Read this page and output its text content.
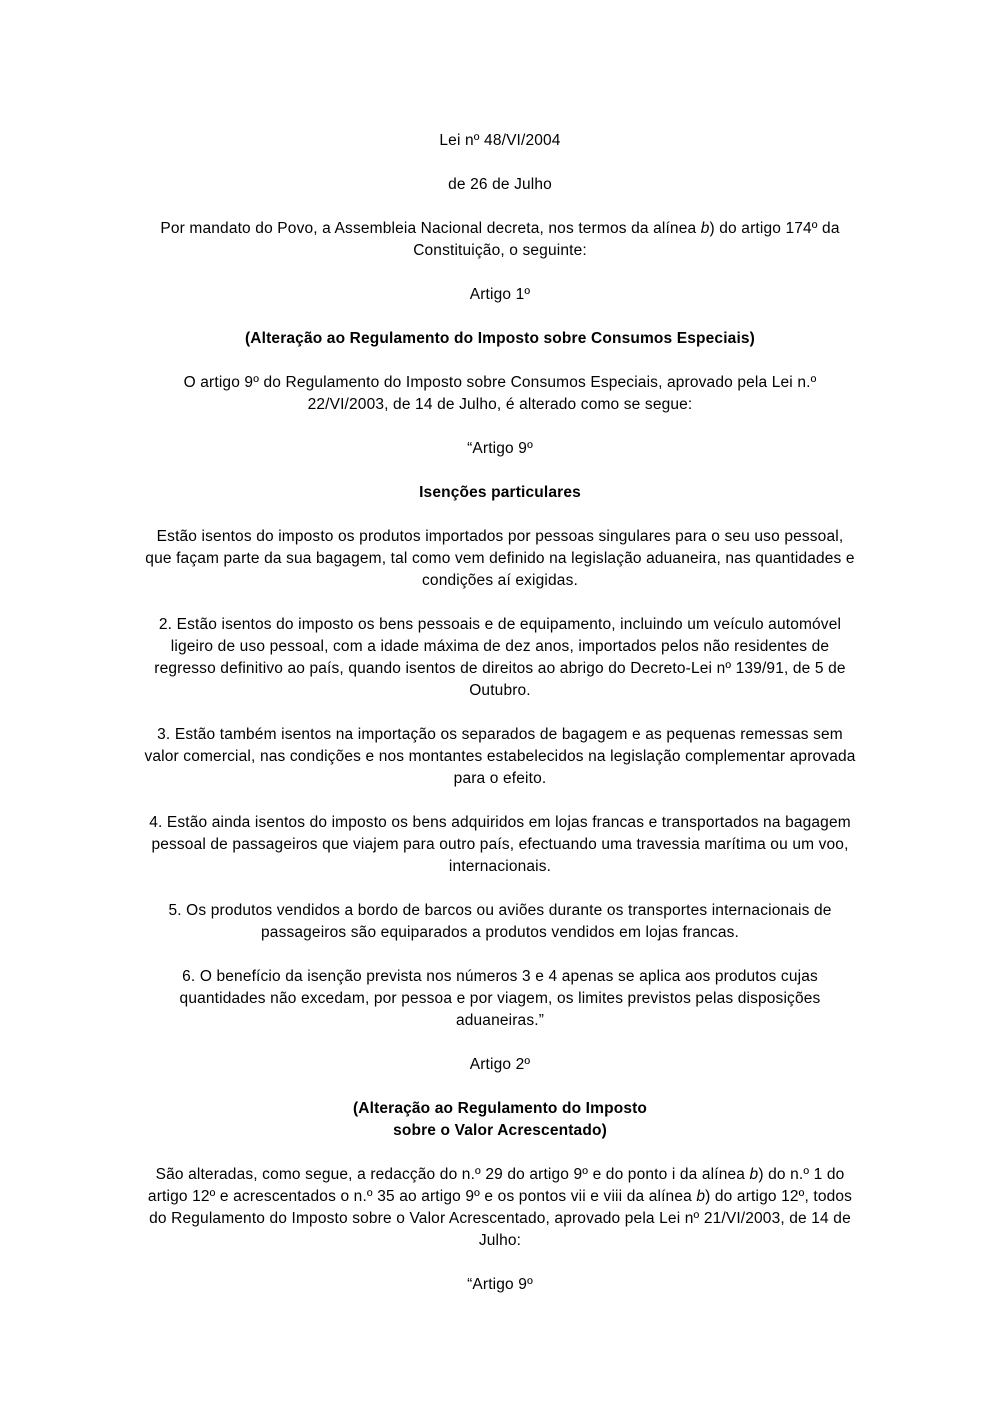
Lei nº 48/VI/2004

de 26 de Julho

Por mandato do Povo, a Assembleia Nacional decreta, nos termos da alínea b) do artigo 174º da Constituição, o seguinte:

Artigo 1º

(Alteração ao Regulamento do Imposto sobre Consumos Especiais)

O artigo 9º do Regulamento do Imposto sobre Consumos Especiais, aprovado pela Lei n.º 22/VI/2003, de 14 de Julho, é alterado como se segue:

“Artigo 9º

Isenções particulares

Estão isentos do imposto os produtos importados por pessoas singulares para o seu uso pessoal, que façam parte da sua bagagem, tal como vem definido na legislação aduaneira, nas quantidades e condições aí exigidas.

2. Estão isentos do imposto os bens pessoais e de equipamento, incluindo um veículo automóvel ligeiro de uso pessoal, com a idade máxima de dez anos, importados pelos não residentes de regresso definitivo ao país, quando isentos de direitos ao abrigo do Decreto-Lei nº 139/91, de 5 de Outubro.

3. Estão também isentos na importação os separados de bagagem e as pequenas remessas sem valor comercial, nas condições e nos montantes estabelecidos na legislação complementar aprovada para o efeito.

4. Estão ainda isentos do imposto os bens adquiridos em lojas francas e transportados na bagagem pessoal de passageiros que viajem para outro país, efectuando uma travessia marítima ou um voo, internacionais.

5. Os produtos vendidos a bordo de barcos ou aviões durante os transportes internacionais de passageiros são equiparados a produtos vendidos em lojas francas.

6. O benefício da isenção prevista nos números 3 e 4 apenas se aplica aos produtos cujas quantidades não excedam, por pessoa e por viagem, os limites previstos pelas disposições aduaneiras.”

Artigo 2º

(Alteração ao Regulamento do Imposto
sobre o Valor Acrescentado)

São alteradas, como segue, a redacção do n.º 29 do artigo 9º e do ponto i da alínea b) do n.º 1 do artigo 12º e acrescentados o n.º 35 ao artigo 9º e os pontos vii e viii da alínea b) do artigo 12º, todos do Regulamento do Imposto sobre o Valor Acrescentado, aprovado pela Lei nº 21/VI/2003, de 14 de Julho:

“Artigo 9º
